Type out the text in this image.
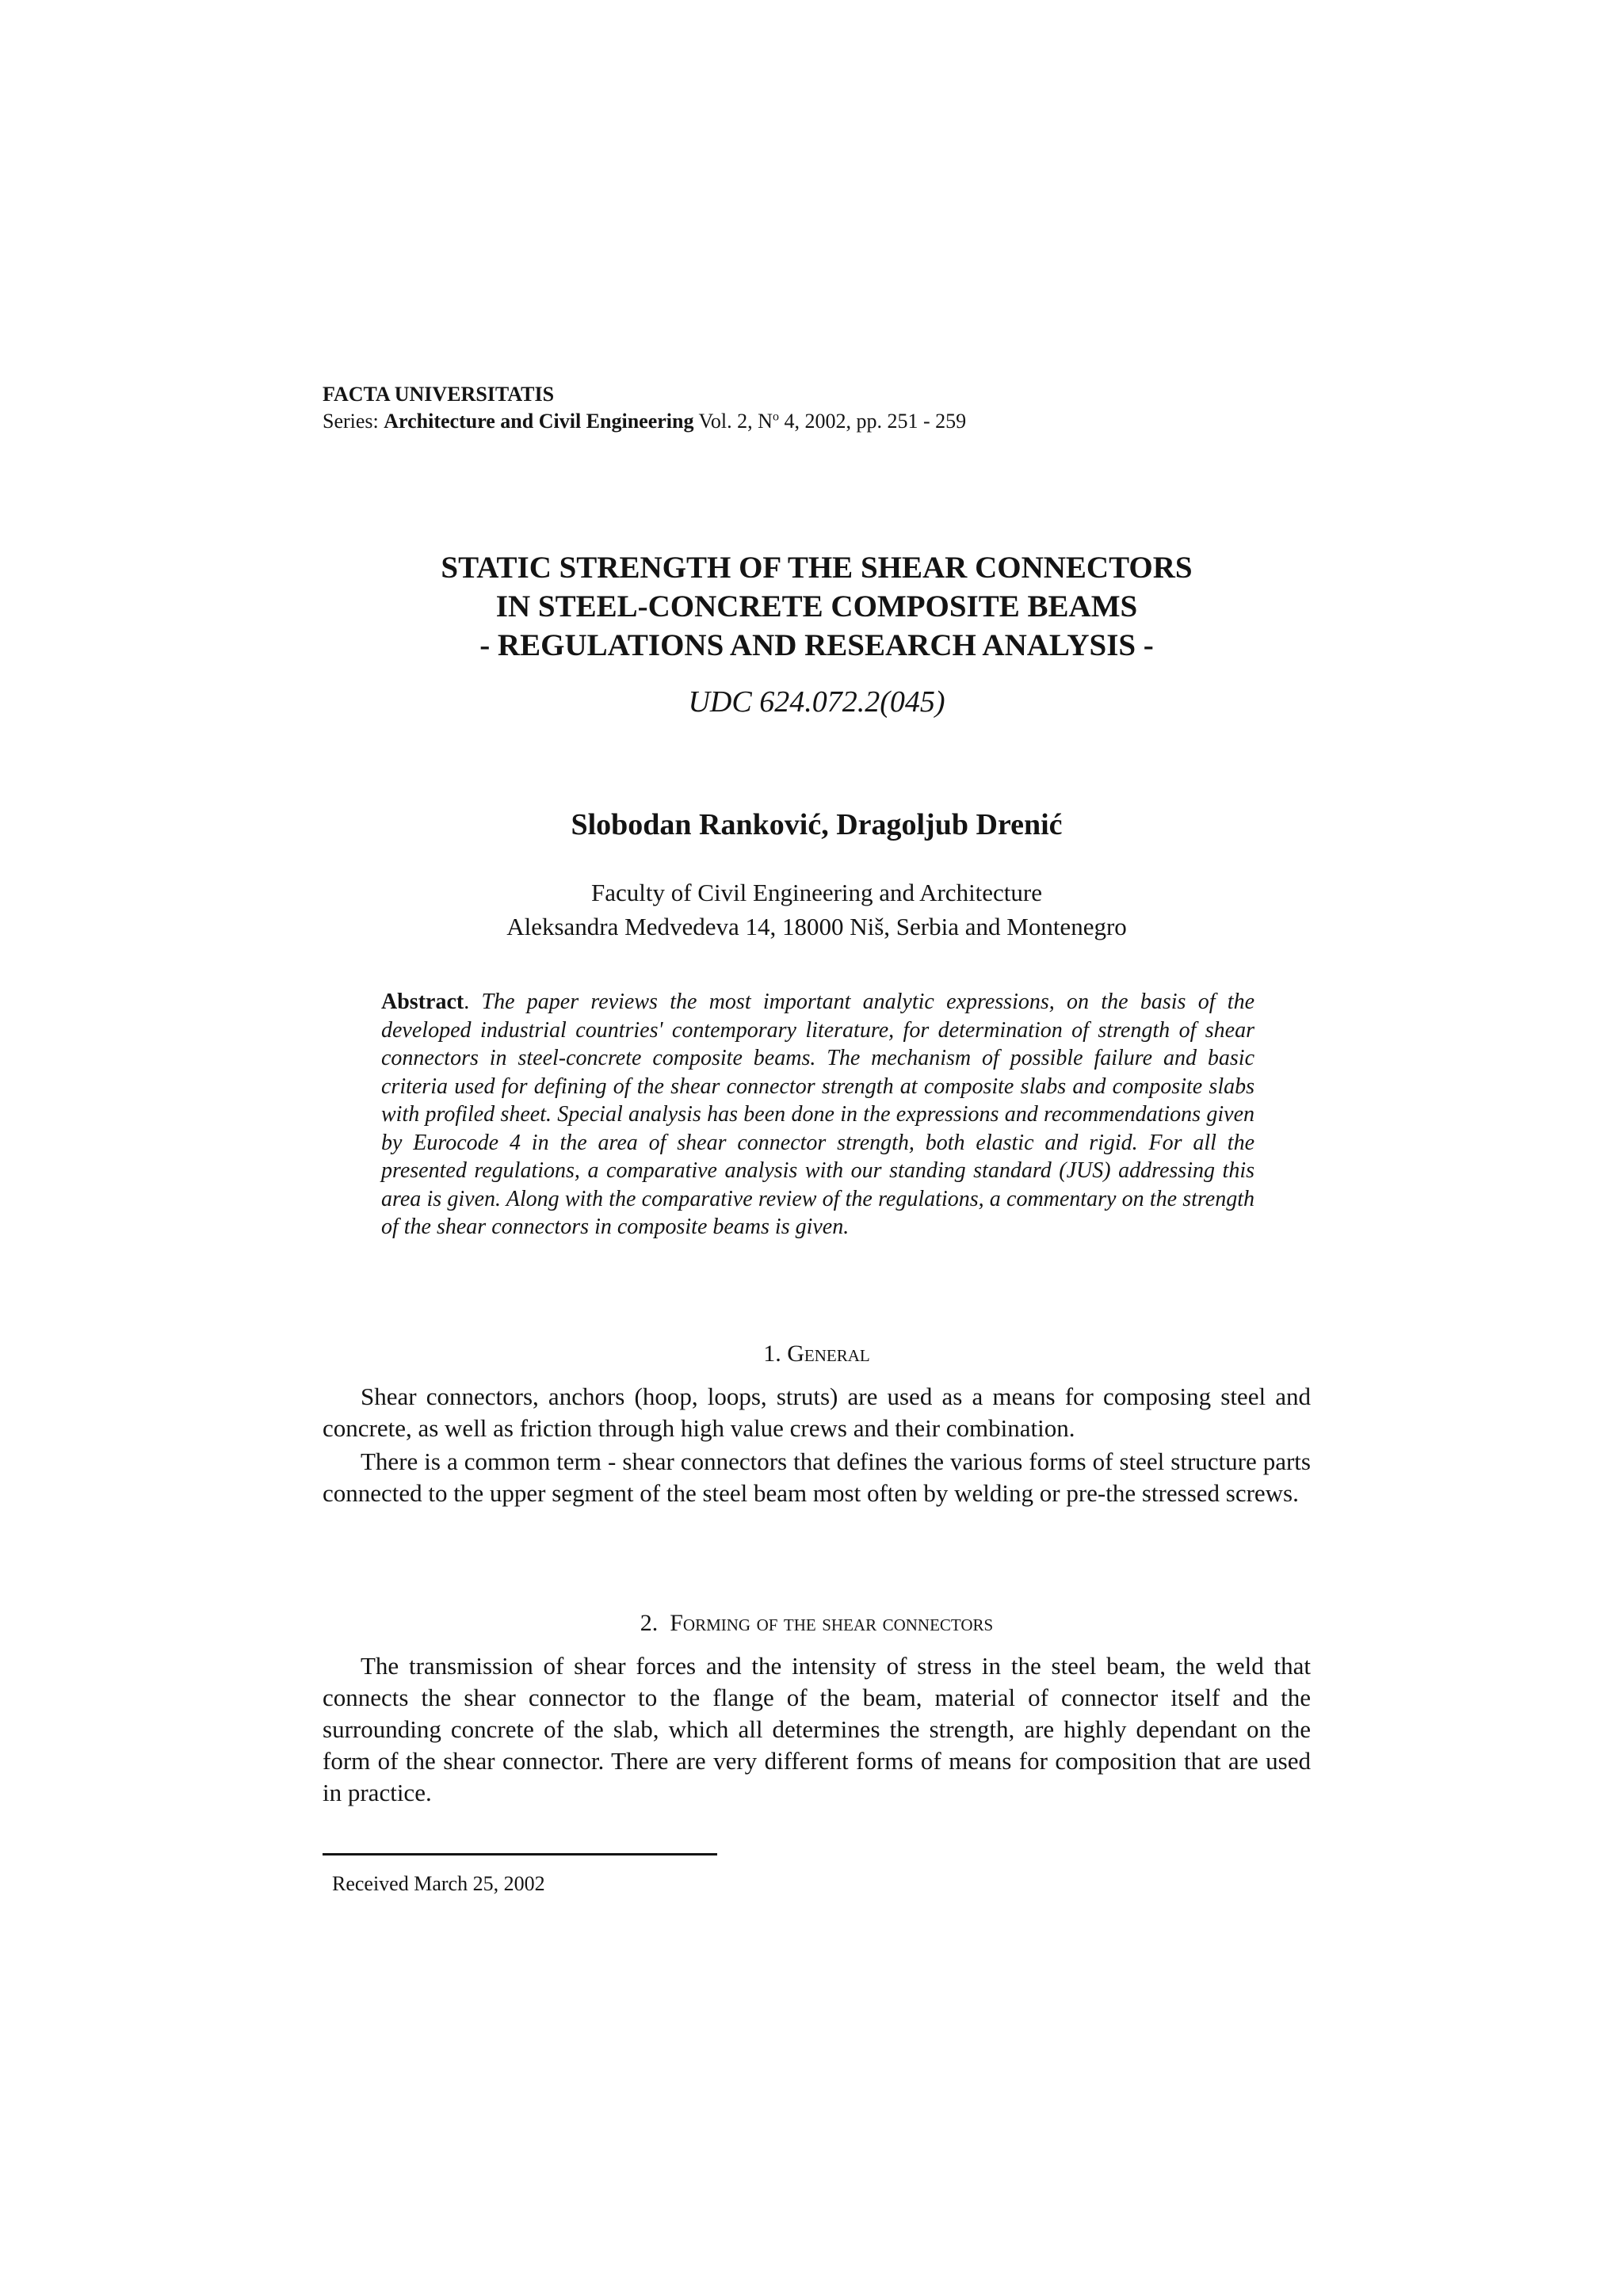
FACTA UNIVERSITATIS
Series: Architecture and Civil Engineering Vol. 2, $N^o$ 4, 2002, pp. 251 - 259
STATIC STRENGTH OF THE SHEAR CONNECTORS
IN STEEL-CONCRETE COMPOSITE BEAMS
- REGULATIONS AND RESEARCH ANALYSIS -
UDC 624.072.2(045)
Slobodan Ranković, Dragoljub Drenić
Faculty of Civil Engineering and Architecture
Aleksandra Medvedeva 14, 18000 Niš, Serbia and Montenegro
Abstract. The paper reviews the most important analytic expressions, on the basis of the developed industrial countries' contemporary literature, for determination of strength of shear connectors in steel-concrete composite beams. The mechanism of possible failure and basic criteria used for defining of the shear connector strength at composite slabs and composite slabs with profiled sheet. Special analysis has been done in the expressions and recommendations given by Eurocode 4 in the area of shear connector strength, both elastic and rigid. For all the presented regulations, a comparative analysis with our standing standard (JUS) addressing this area is given. Along with the comparative review of the regulations, a commentary on the strength of the shear connectors in composite beams is given.
1. General

Shear connectors, anchors (hoop, loops, struts) are used as a means for composing steel and concrete, as well as friction through high value crews and their combination.

There is a common term - shear connectors that defines the various forms of steel structure parts connected to the upper segment of the steel beam most often by welding or pre-the stressed screws.

2. Forming of the shear connectors

The transmission of shear forces and the intensity of stress in the steel beam, the weld that connects the shear connector to the flange of the beam, material of connector itself and the surrounding concrete of the slab, which all determines the strength, are highly dependant on the form of the shear connector. There are very different forms of means for composition that are used in practice.

Received March 25, 2002
